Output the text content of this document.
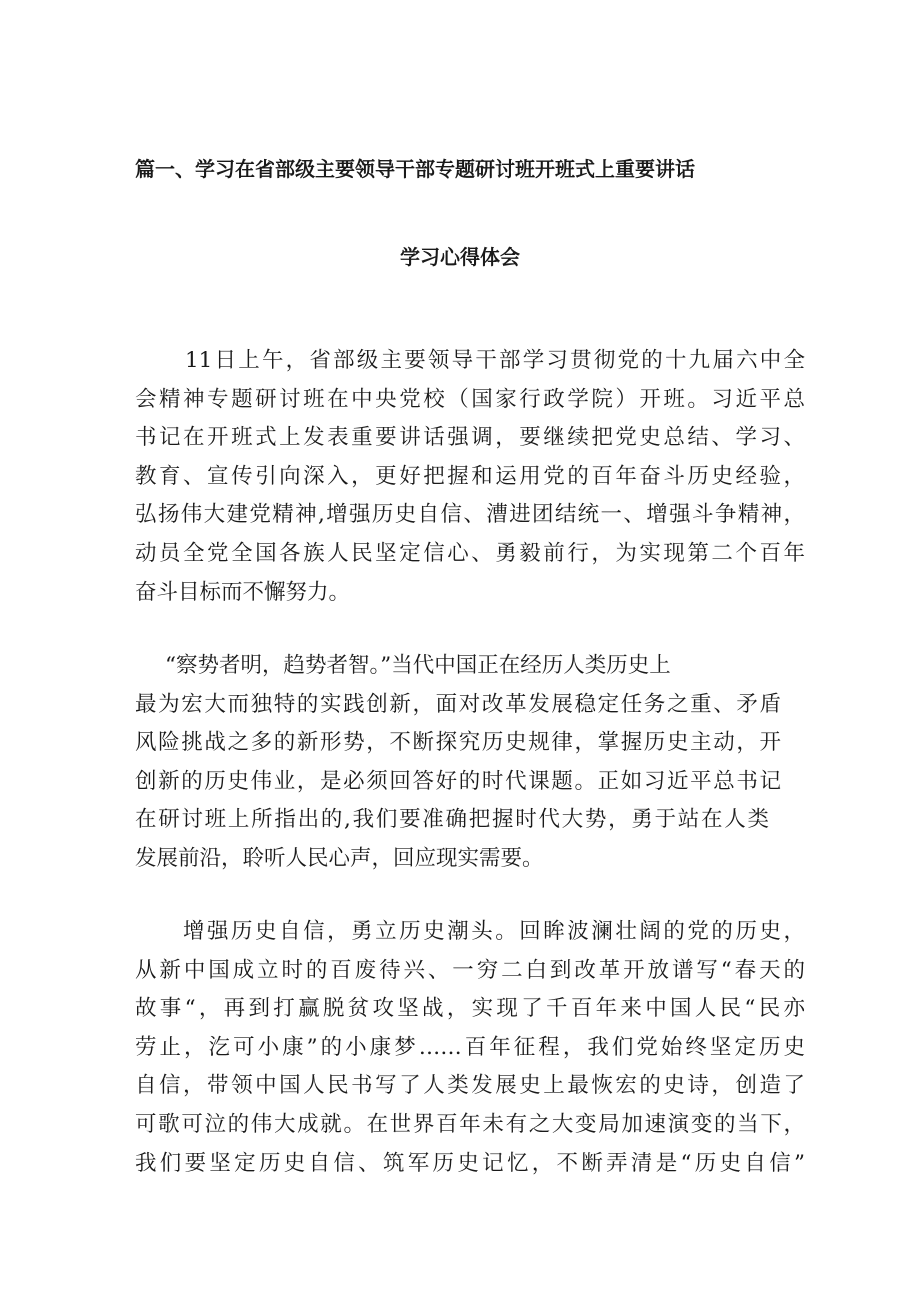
篇一、学习在省部级主要领导干部专题研讨班开班式上重要讲话
学习心得体会
11日上午，省部级主要领导干部学习贯彻党的十九届六中全
会精神专题研讨班在中央党校（国家行政学院）开班。习近平总
书记在开班式上发表重要讲话强调，要继续把党史总结、学习、
教育、宣传引向深入，更好把握和运用党的百年奋斗历史经验，
弘扬伟大建党精神,增强历史自信、漕进团结统一、增强斗争精神，
动员全党全国各族人民坚定信心、勇毅前行，为实现第二个百年
奋斗目标而不懈努力。
“察势者明，趋势者智。”当代中国正在经历人类历史上
最为宏大而独特的实践创新，面对改革发展稳定任务之重、矛盾
风险挑战之多的新形势，不断探究历史规律，掌握历史主动，开
创新的历史伟业，是必须回答好的时代课题。正如习近平总书记
在研讨班上所指出的,我们要准确把握时代大势，勇于站在人类
发展前沿，聆听人民心声，回应现实需要。
增强历史自信，勇立历史潮头。回眸波澜壮阔的党的历史，
从新中国成立时的百废待兴、一穷二白到改革开放谱写“春天的
故事“，再到打赢脱贫攻坚战，实现了千百年来中国人民“民亦
劳止，汔可小康”的小康梦……百年征程，我们党始终坚定历史
自信，带领中国人民书写了人类发展史上最恢宏的史诗，创造了
可歌可泣的伟大成就。在世界百年未有之大变局加速演变的当下，
我们要坚定历史自信、筑军历史记忆，不断弄清是“历史自信”
